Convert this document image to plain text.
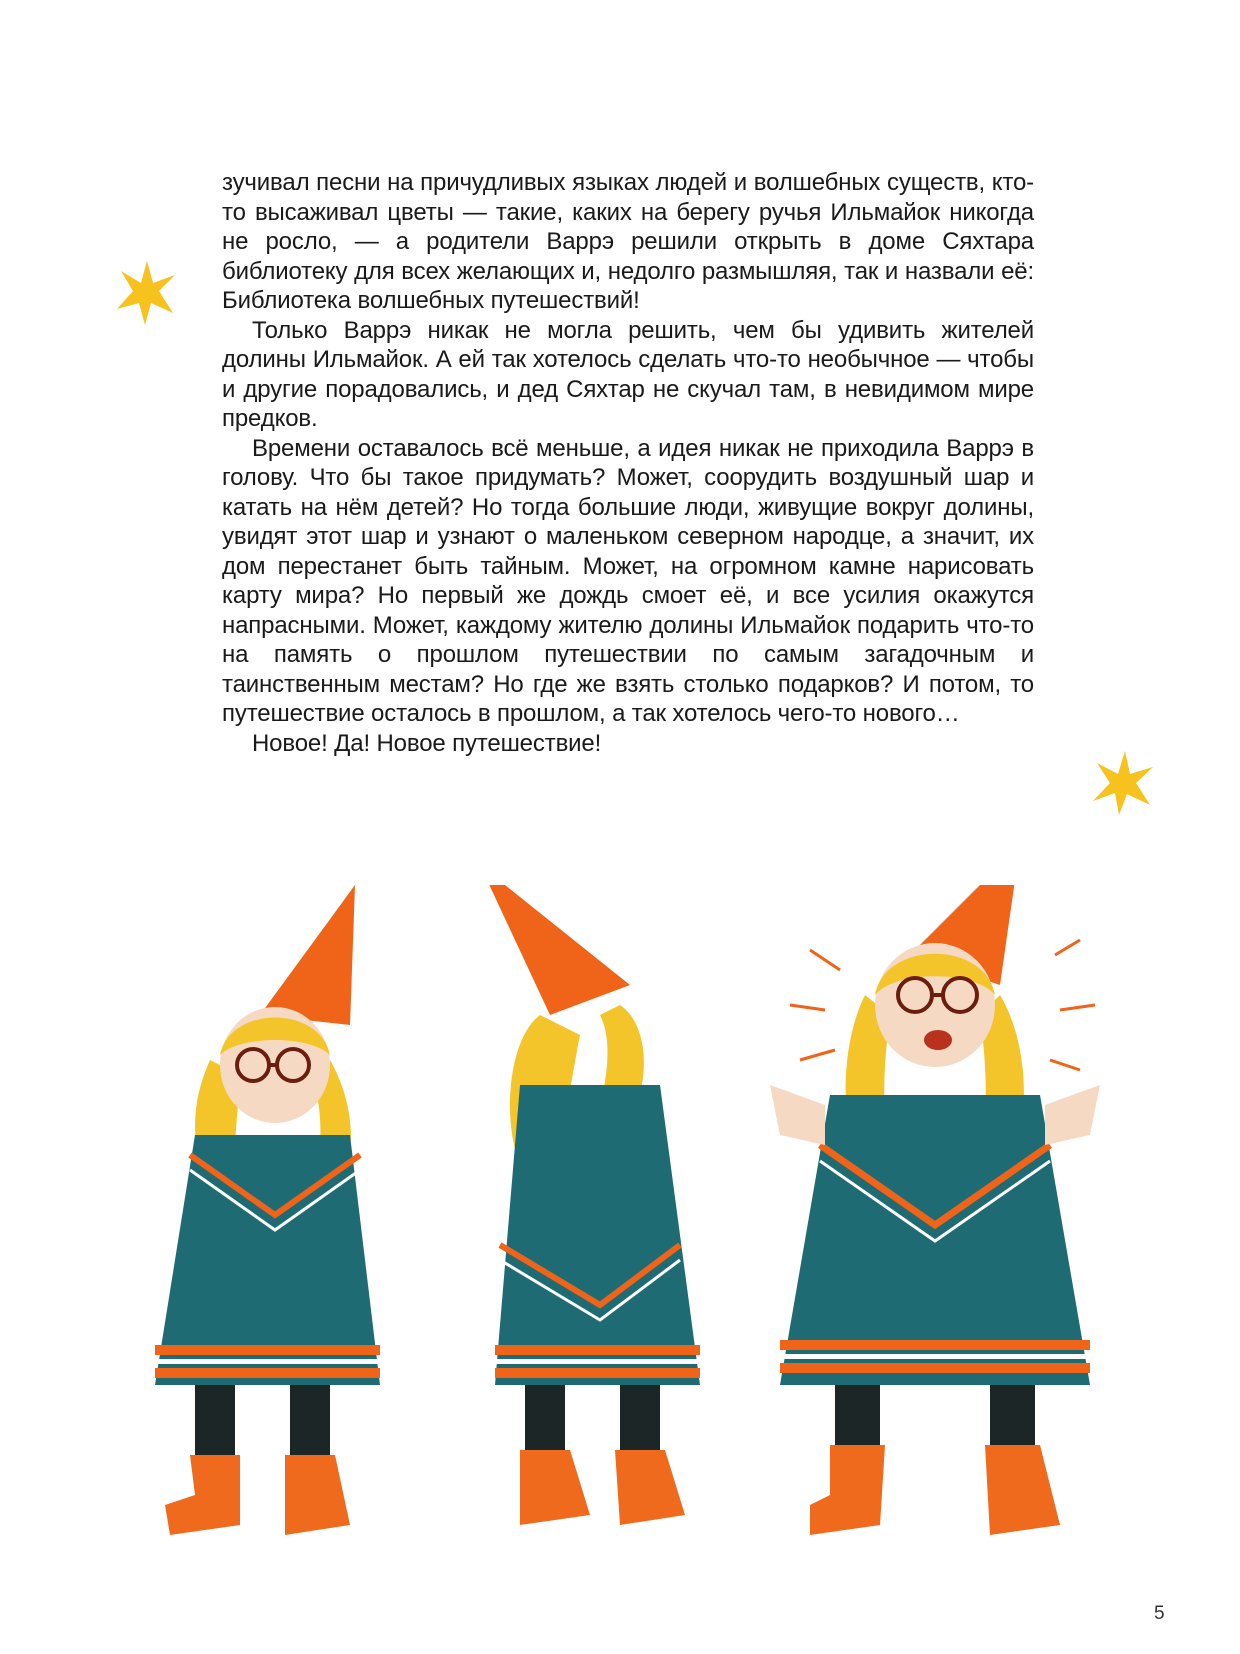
зучивал песни на причудливых языках людей и волшебных существ, кто-то высаживал цветы — такие, каких на берегу ручья Ильмайок никогда не росло, — а родители Варрэ решили открыть в доме Сяхтара библиотеку для всех желающих и, недолго размышляя, так и назвали её: Библиотека волшебных путешествий!

Только Варрэ никак не могла решить, чем бы удивить жителей долины Ильмайок. А ей так хотелось сделать что-то необычное — чтобы и другие порадовались, и дед Сяхтар не скучал там, в невидимом мире предков.

Времени оставалось всё меньше, а идея никак не приходила Варрэ в голову. Что бы такое придумать? Может, соорудить воздушный шар и катать на нём детей? Но тогда большие люди, живущие вокруг долины, увидят этот шар и узнают о маленьком северном народце, а значит, их дом перестанет быть тайным. Может, на огромном камне нарисовать карту мира? Но первый же дождь смоет её, и все усилия окажутся напрасными. Может, каждому жителю долины Ильмайок подарить что-то на память о прошлом путешествии по самым загадочным и таинственным местам? Но где же взять столько подарков? И потом, то путешествие осталось в прошлом, а так хотелось чего-то нового…

Новое! Да! Новое путешествие!

5
